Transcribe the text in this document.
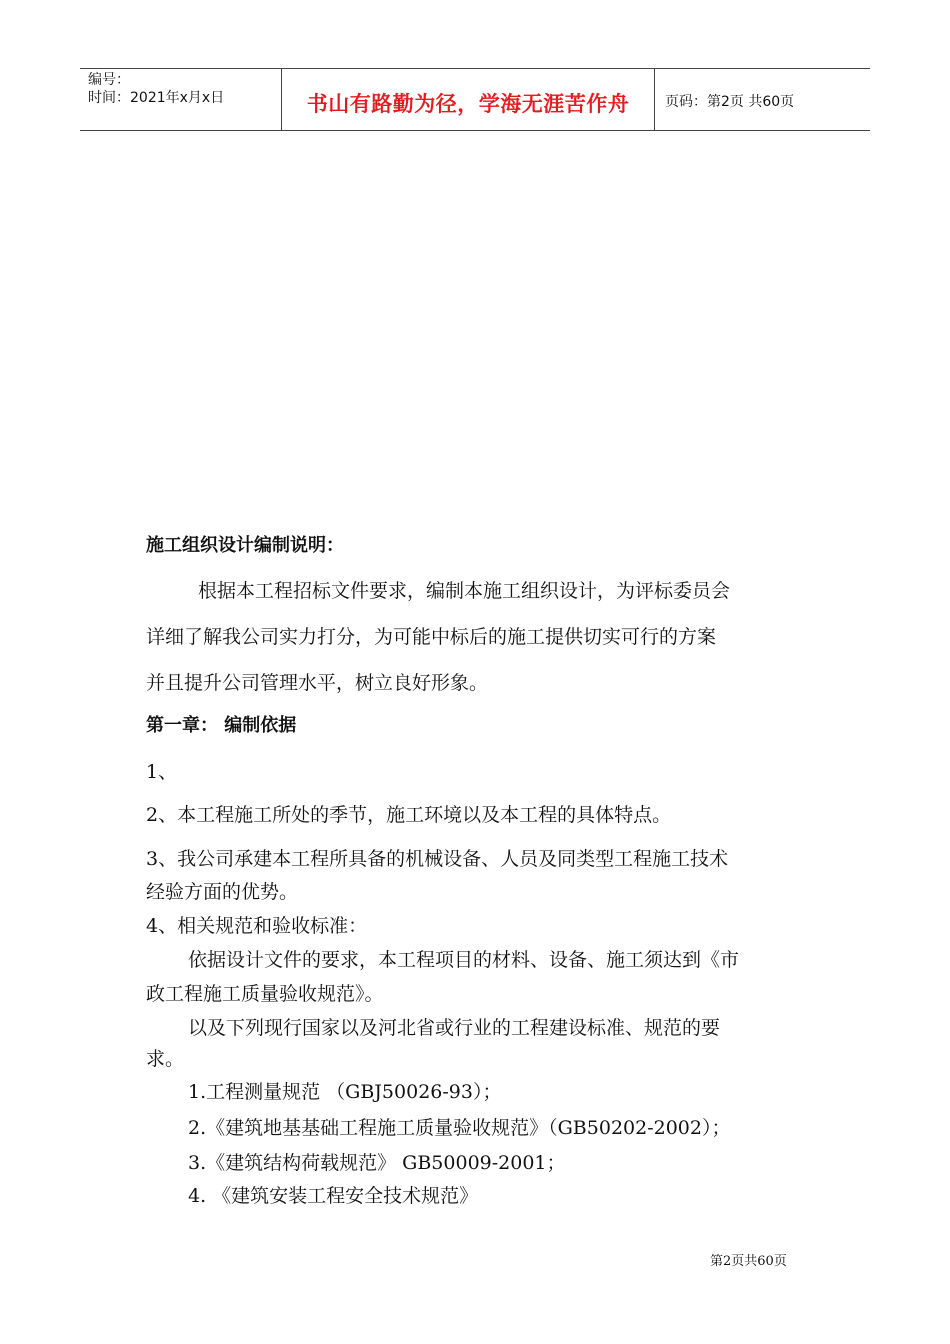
编号：
时间：2021年x月x日	书山有路勤为径，学海无涯苦作舟	页码：第2页 共60页
施工组织设计编制说明：
根据本工程招标文件要求，编制本施工组织设计，为评标委员会
详细了解我公司实力打分，为可能中标后的施工提供切实可行的方案
并且提升公司管理水平，树立良好形象。
第一章： 编制依据
1、
2、本工程施工所处的季节，施工环境以及本工程的具体特点。
3、我公司承建本工程所具备的机械设备、人员及同类型工程施工技术
经验方面的优势。
4、相关规范和验收标准：
依据设计文件的要求，本工程项目的材料、设备、施工须达到《市
政工程施工质量验收规范》。
以及下列现行国家以及河北省或行业的工程建设标准、规范的要
求。
1.工程测量规范 （GBJ50026-93）；
2.《建筑地基基础工程施工质量验收规范》（GB50202-2002）；
3.《建筑结构荷载规范》 GB50009-2001；
4. 《建筑安装工程安全技术规范》
第2页共60页
